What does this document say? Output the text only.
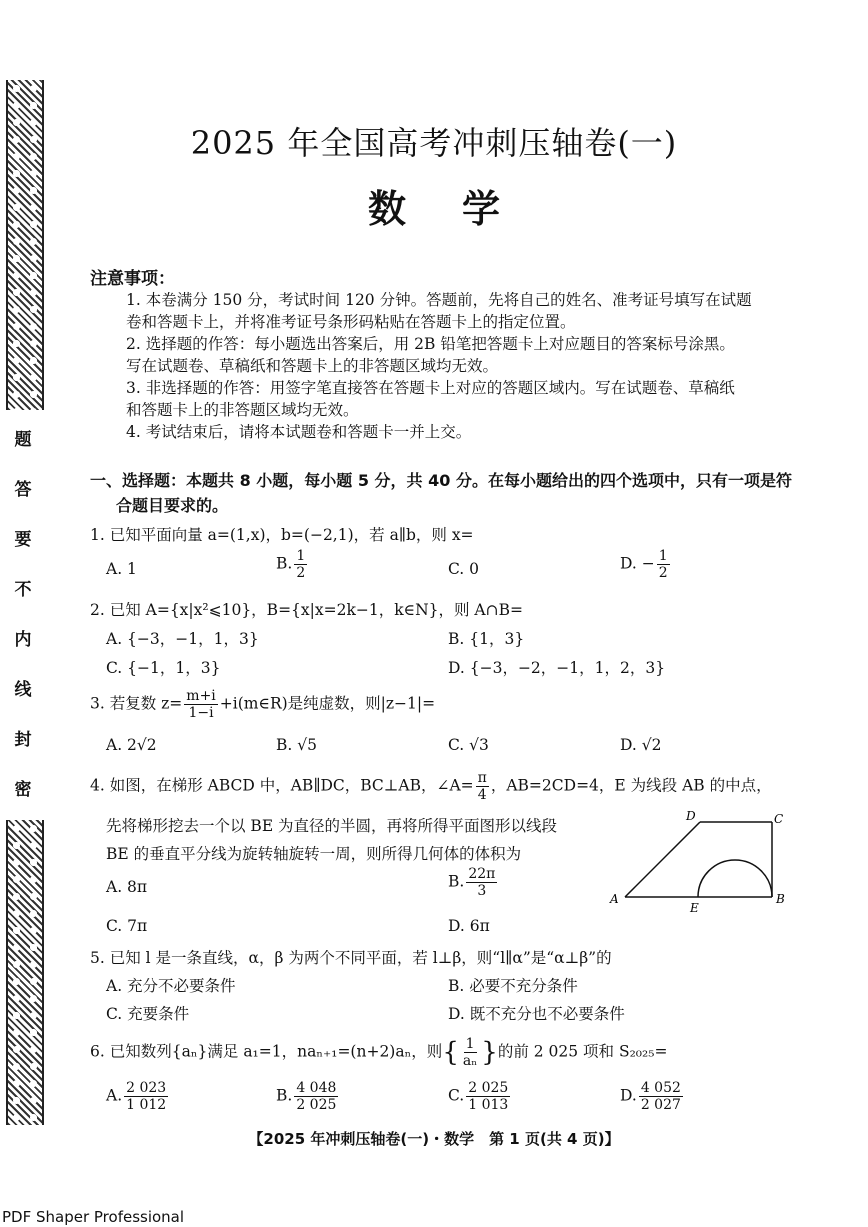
题
答
要
不
内
线
封
密
2025 年全国高考冲刺压轴卷(一)
数学
注意事项：
1. 本卷满分 150 分，考试时间 120 分钟。答题前，先将自己的姓名、准考证号填写在试题
卷和答题卡上，并将准考证号条形码粘贴在答题卡上的指定位置。
2. 选择题的作答：每小题选出答案后，用 2B 铅笔把答题卡上对应题目的答案标号涂黑。
写在试题卷、草稿纸和答题卡上的非答题区域均无效。
3. 非选择题的作答：用签字笔直接答在答题卡上对应的答题区域内。写在试题卷、草稿纸
和答题卡上的非答题区域均无效。
4. 考试结束后，请将本试题卷和答题卡一并上交。
一、选择题：本题共 8 小题，每小题 5 分，共 40 分。在每小题给出的四个选项中，只有一项是符
合题目要求的。
1. 已知平面向量 a=(1,x)，b=(−2,1)，若 a∥b，则 x=
A. 1	B. $\frac{1}{2}$	C. 0	D. − $\frac{1}{2}$
2. 已知 A={x|x²⩽10}，B={x|x=2k−1，k∈N}，则 A∩B=
A. {−3，−1，1，3}	B. {1，3}
C. {−1，1，3}	D. {−3，−2，−1，1，2，3}
3. 若复数 $z= \frac{m+i}{1-i}$ +i(m∈R)是纯虚数，则|z−1|=
A. 2√2	B. √5	C. √3	D. √2
4. 如图，在梯形 ABCD 中，AB∥DC，BC⊥AB，∠A= $\frac{\pi}{4}$ ，AB=2CD=4，E 为线段 AB 的中点，
先将梯形挖去一个以 BE 为直径的半圆，再将所得平面图形以线段
BE 的垂直平分线为旋转轴旋转一周，则所得几何体的体积为
A. 8π	B. $\frac{22\pi}{3}$
C. 7π	D. 6π
A	B
C
D
E
5. 已知 l 是一条直线，α，β 为两个不同平面，若 l⊥β，则“l∥α”是“α⊥β”的
A. 充分不必要条件	B. 必要不充分条件
C. 充要条件	D. 既不充分也不必要条件
6. 已知数列{aₙ}满足 a₁=1，naₙ₊₁=(n+2)aₙ，则{ $\frac{1}{\text{aₙ}}$ }的前 2 025 项和 S₂₀₂₅=
A. $\frac{2 023}{1 012}$	B. $\frac{4 048}{2 025}$	C. $\frac{2 025}{1 013}$	D. $\frac{4 052}{2 027}$
【2025 年冲刺压轴卷(一)・数学　第 1 页(共 4 页)】
PDF Shaper Professional
